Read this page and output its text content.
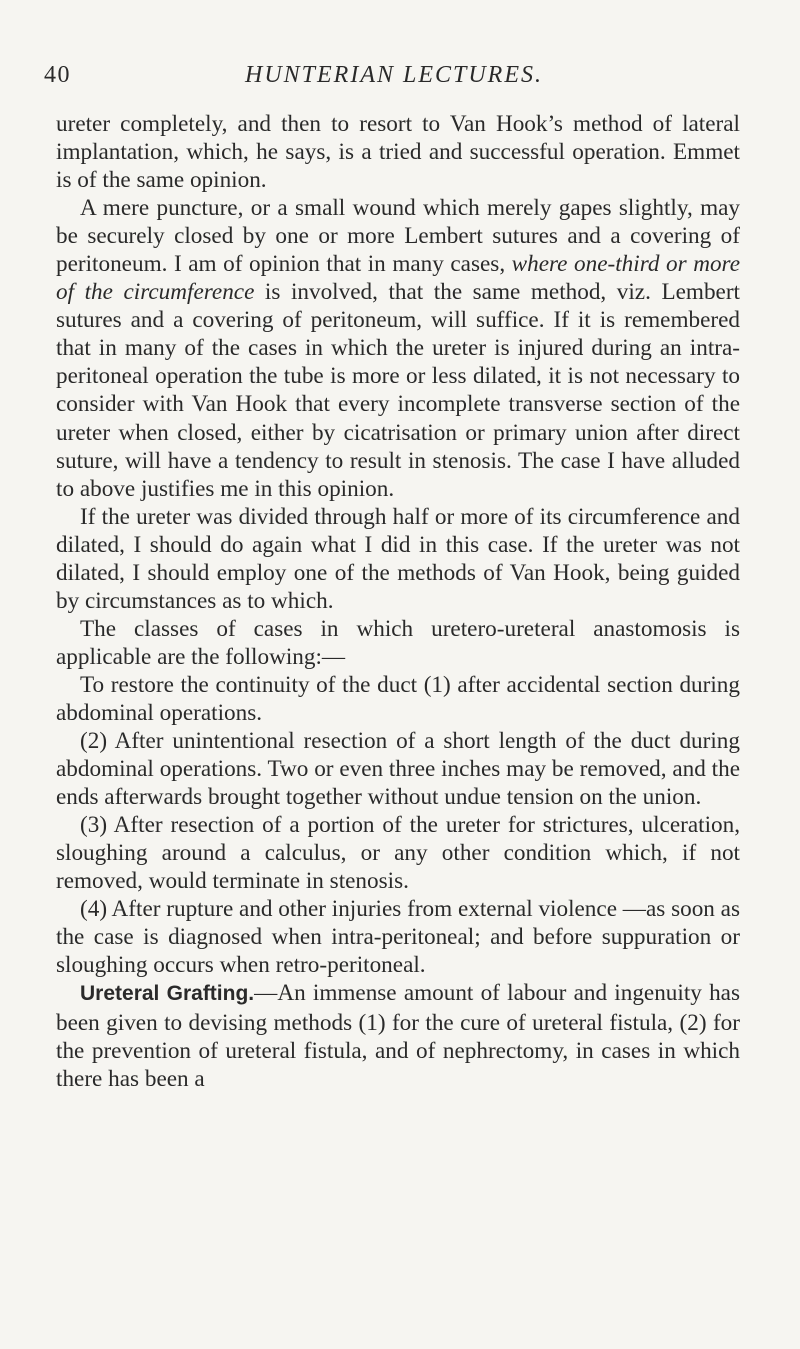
40	HUNTERIAN LECTURES.

ureter completely, and then to resort to Van Hook’s method of lateral implantation, which, he says, is a tried and successful operation. Emmet is of the same opinion.

A mere puncture, or a small wound which merely gapes slightly, may be securely closed by one or more Lembert sutures and a covering of peritoneum. I am of opinion that in many cases, where one-third or more of the circumference is involved, that the same method, viz. Lembert sutures and a covering of peritoneum, will suffice. If it is remembered that in many of the cases in which the ureter is injured during an intra-peritoneal operation the tube is more or less dilated, it is not necessary to consider with Van Hook that every incomplete transverse section of the ureter when closed, either by cicatrisation or primary union after direct suture, will have a tendency to result in stenosis. The case I have alluded to above justifies me in this opinion.

If the ureter was divided through half or more of its circumference and dilated, I should do again what I did in this case. If the ureter was not dilated, I should employ one of the methods of Van Hook, being guided by circumstances as to which.

The classes of cases in which uretero-ureteral anastomosis is applicable are the following:—

To restore the continuity of the duct (1) after accidental section during abdominal operations.

(2) After unintentional resection of a short length of the duct during abdominal operations. Two or even three inches may be removed, and the ends afterwards brought together without undue tension on the union.

(3) After resection of a portion of the ureter for strictures, ulceration, sloughing around a calculus, or any other condition which, if not removed, would terminate in stenosis.

(4) After rupture and other injuries from external violence —as soon as the case is diagnosed when intra-peritoneal; and before suppuration or sloughing occurs when retro-peritoneal.

Ureteral Grafting.—An immense amount of labour and ingenuity has been given to devising methods (1) for the cure of ureteral fistula, (2) for the prevention of ureteral fistula, and of nephrectomy, in cases in which there has been a
